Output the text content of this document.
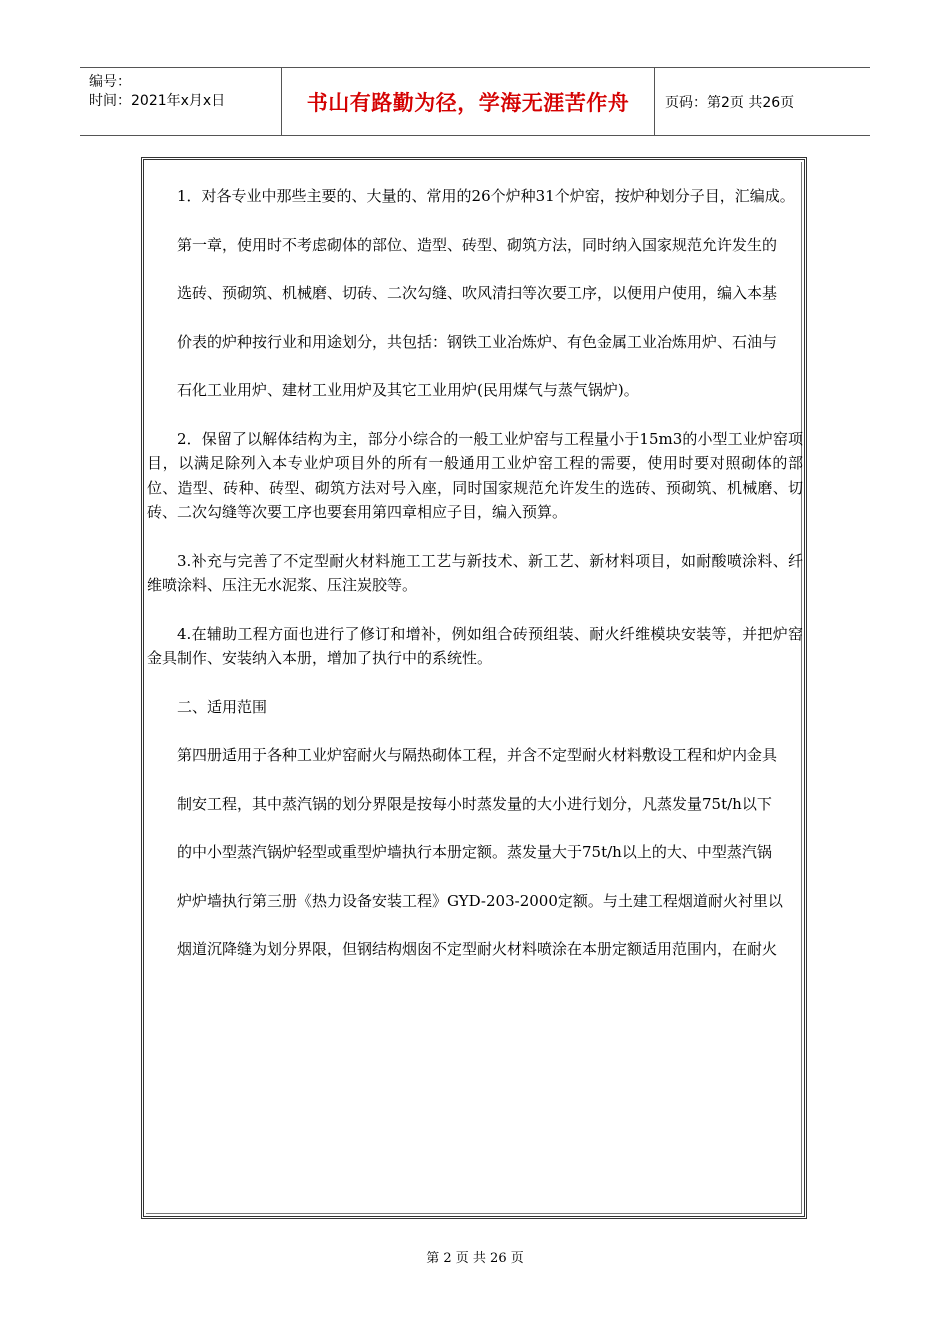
编号：
时间：2021年x月x日	书山有路勤为径，学海无涯苦作舟	页码：第2页 共26页

1．对各专业中那些主要的、大量的、常用的26个炉种31个炉窑，按炉种划分子目，汇编成。

第一章，使用时不考虑砌体的部位、造型、砖型、砌筑方法，同时纳入国家规范允许发生的

选砖、预砌筑、机械磨、切砖、二次勾缝、吹风清扫等次要工序，以便用户使用，编入本基

价表的炉种按行业和用途划分，共包括：钢铁工业冶炼炉、有色金属工业冶炼用炉、石油与

石化工业用炉、建材工业用炉及其它工业用炉(民用煤气与蒸气锅炉)。

2．保留了以解体结构为主，部分小综合的一般工业炉窑与工程量小于15m3的小型工业炉窑项目，以满足除列入本专业炉项目外的所有一般通用工业炉窑工程的需要，使用时要对照砌体的部位、造型、砖种、砖型、砌筑方法对号入座，同时国家规范允许发生的选砖、预砌筑、机械磨、切砖、二次勾缝等次要工序也要套用第四章相应子目，编入预算。

3.补充与完善了不定型耐火材料施工工艺与新技术、新工艺、新材料项目，如耐酸喷涂料、纤维喷涂料、压注无水泥浆、压注炭胶等。

4.在辅助工程方面也进行了修订和增补，例如组合砖预组装、耐火纤维模块安装等，并把炉窑金具制作、安装纳入本册，增加了执行中的系统性。

二、适用范围

第四册适用于各种工业炉窑耐火与隔热砌体工程，并含不定型耐火材料敷设工程和炉内金具

制安工程，其中蒸汽锅的划分界限是按每小时蒸发量的大小进行划分，凡蒸发量75t/h以下

的中小型蒸汽锅炉轻型或重型炉墙执行本册定额。蒸发量大于75t/h以上的大、中型蒸汽锅

炉炉墙执行第三册《热力设备安装工程》GYD-203-2000定额。与土建工程烟道耐火衬里以

烟道沉降缝为划分界限，但钢结构烟囱不定型耐火材料喷涂在本册定额适用范围内，在耐火

第 2 页 共 26 页
